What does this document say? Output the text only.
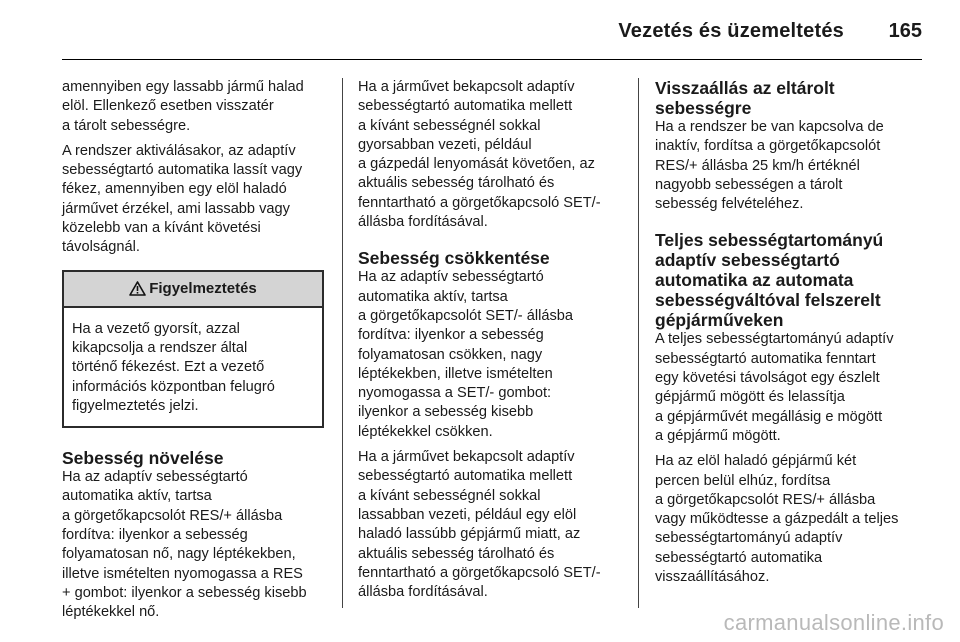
Vezetés és üzemeltetés 165

amennyiben egy lassabb jármű halad
elöl. Ellenkező esetben visszatér
a tárolt sebességre.

A rendszer aktiválásakor, az adaptív
sebességtartó automatika lassít vagy
fékez, amennyiben egy elöl haladó
járművet érzékel, ami lassabb vagy
közelebb van a kívánt követési
távolságnál.

Figyelmeztetés
Ha a vezető gyorsít, azzal
kikapcsolja a rendszer által
történő fékezést. Ezt a vezető
információs központban felugró
figyelmeztetés jelzi.
Sebesség növelése

Ha az adaptív sebességtartó
automatika aktív, tartsa
a görgetőkapcsolót RES/+ állásba
fordítva: ilyenkor a sebesség
folyamatosan nő, nagy léptékekben,
illetve ismételten nyomogassa a RES
+ gombot: ilyenkor a sebesség kisebb
léptékekkel nő.

Ha a járművet bekapcsolt adaptív
sebességtartó automatika mellett
a kívánt sebességnél sokkal
gyorsabban vezeti, például
a gázpedál lenyomását követően, az
aktuális sebesség tárolható és
fenntartható a görgetőkapcsoló SET/-
állásba fordításával.

Sebesség csökkentése

Ha az adaptív sebességtartó
automatika aktív, tartsa
a görgetőkapcsolót SET/- állásba
fordítva: ilyenkor a sebesség
folyamatosan csökken, nagy
léptékekben, illetve ismételten
nyomogassa a SET/- gombot:
ilyenkor a sebesség kisebb
léptékekkel csökken.

Ha a járművet bekapcsolt adaptív
sebességtartó automatika mellett
a kívánt sebességnél sokkal
lassabban vezeti, például egy elöl
haladó lassúbb gépjármű miatt, az
aktuális sebesség tárolható és
fenntartható a görgetőkapcsoló SET/-
állásba fordításával.

Visszaállás az eltárolt
sebességre

Ha a rendszer be van kapcsolva de
inaktív, fordítsa a görgetőkapcsolót
RES/+ állásba 25 km/h értéknél
nagyobb sebességen a tárolt
sebesség felvételéhez.

Teljes sebességtartományú
adaptív sebességtartó
automatika az automata
sebességváltóval felszerelt
gépjárműveken

A teljes sebességtartományú adaptív
sebességtartó automatika fenntart
egy követési távolságot egy észlelt
gépjármű mögött és lelassítja
a gépjárművét megállásig e mögött
a gépjármű mögött.

Ha az elöl haladó gépjármű két
percen belül elhúz, fordítsa
a görgetőkapcsolót RES/+ állásba
vagy működtesse a gázpedált a teljes
sebességtartományú adaptív
sebességtartó automatika
visszaállításához.

carmanualsonline.info
